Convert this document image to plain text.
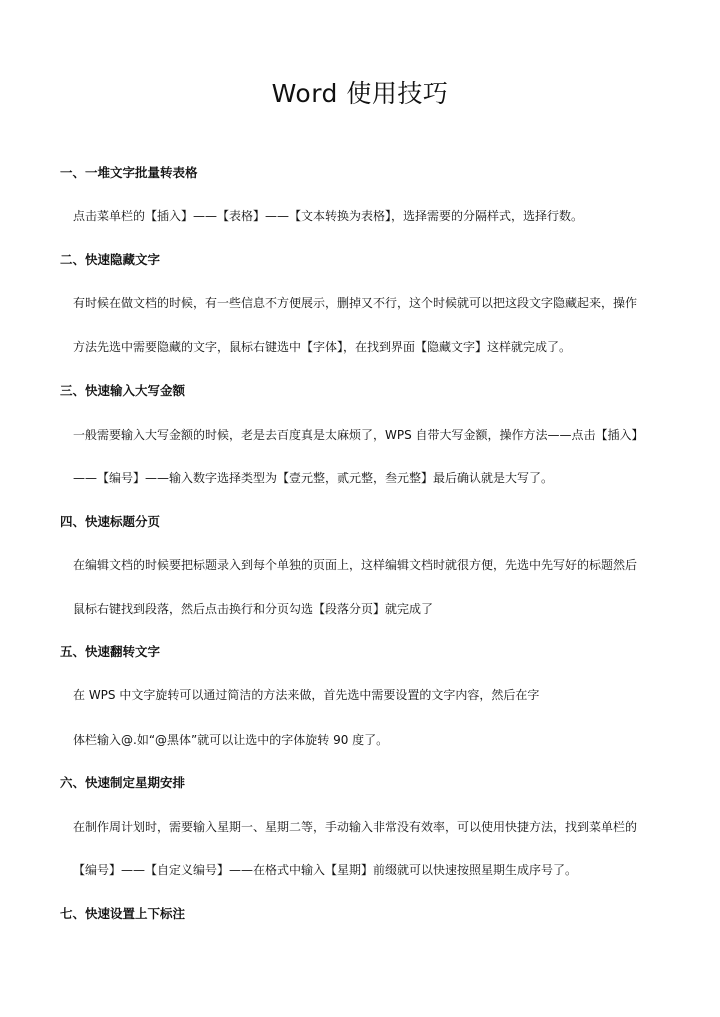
Word 使用技巧
一、一堆文字批量转表格
点击菜单栏的【插入】——【表格】——【文本转换为表格】，选择需要的分隔样式，选择行数。
二、快速隐藏文字
有时候在做文档的时候，有一些信息不方便展示，删掉又不行，这个时候就可以把这段文字隐藏起来，操作
方法先选中需要隐藏的文字，鼠标右键选中【字体】，在找到界面【隐藏文字】这样就完成了。
三、快速输入大写金额
一般需要输入大写金额的时候，老是去百度真是太麻烦了，WPS 自带大写金额，操作方法——点击【插入】
——【编号】——输入数字选择类型为【壹元整，贰元整，叁元整】最后确认就是大写了。
四、快速标题分页
在编辑文档的时候要把标题录入到每个单独的页面上，这样编辑文档时就很方便，先选中先写好的标题然后
鼠标右键找到段落，然后点击换行和分页勾选【段落分页】就完成了
五、快速翻转文字
在 WPS 中文字旋转可以通过简洁的方法来做，首先选中需要设置的文字内容，然后在字
体栏输入@.如“@黑体”就可以让选中的字体旋转 90 度了。
六、快速制定星期安排
在制作周计划时，需要输入星期一、星期二等，手动输入非常没有效率，可以使用快捷方法，找到菜单栏的
【编号】——【自定义编号】——在格式中输入【星期】前缀就可以快速按照星期生成序号了。
七、快速设置上下标注
